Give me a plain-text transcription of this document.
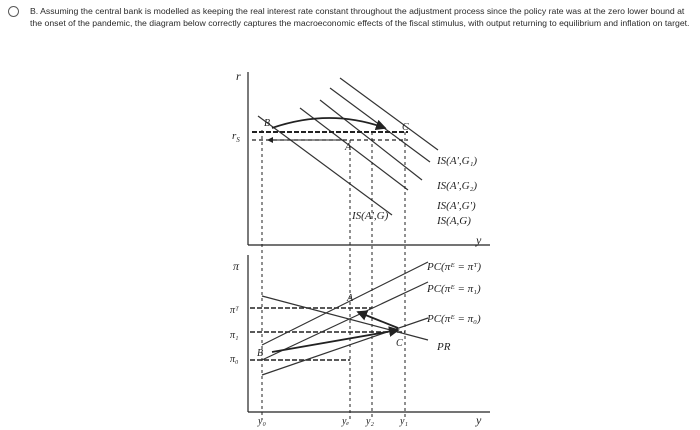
B. Assuming the central bank is modelled as keeping the real interest rate constant throughout the adjustment process since the policy rate was at the zero lower bound at the onset of the pandemic, the diagram below correctly captures the macroeconomic effects of the fiscal stimulus, with output returning to equilibrium and inflation on target.

r
y
$r_S$
B
A
C
IS(A',G₁)
IS(A',G₂)
IS(A',G')
IS(A,G)
IS(A',G)
π
y
πᵀ
π₁
π₀
A
B
C
PC(πᴱ = πᵀ)
PC(πᴱ = π₁)
PC(πᴱ = π₀)
PR
y₀	yₑ y₂	y₁
